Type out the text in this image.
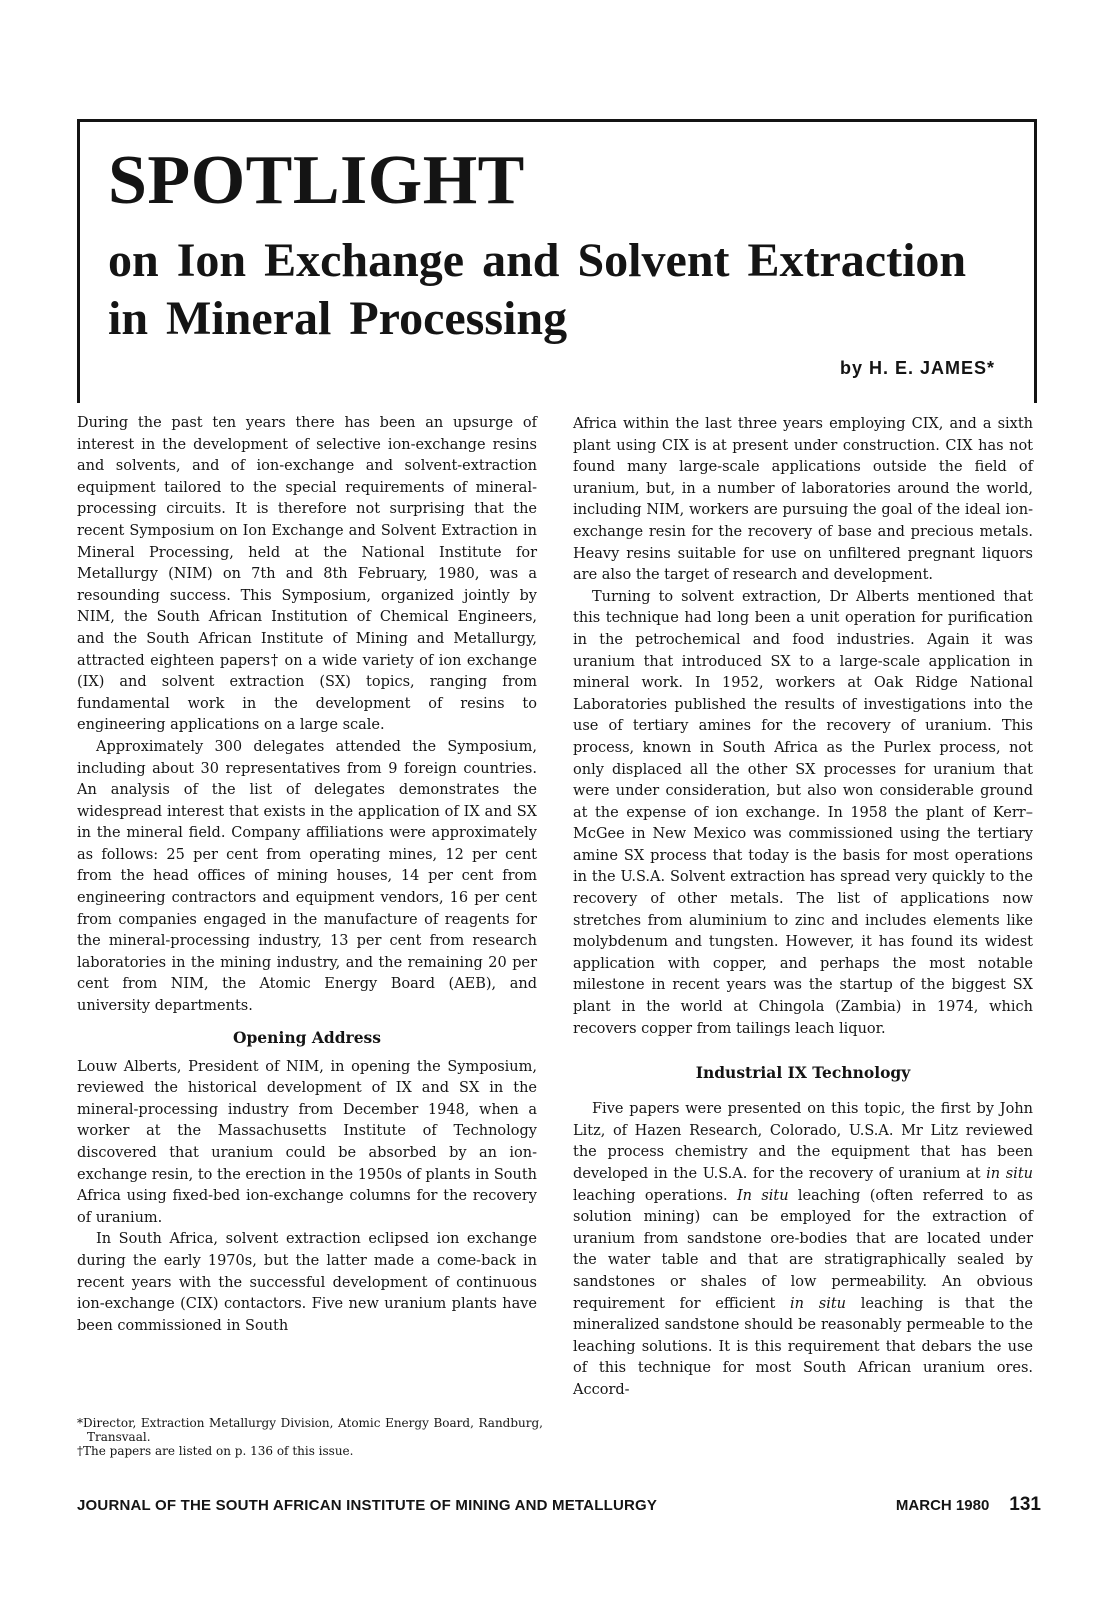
SPOTLIGHT
on Ion Exchange and Solvent Extraction in Mineral Processing
by H. E. JAMES*

During the past ten years there has been an upsurge of interest in the development of selective ion-exchange resins and solvents, and of ion-exchange and solvent-extraction equipment tailored to the special requirements of mineral-processing circuits. It is therefore not surprising that the recent Symposium on Ion Exchange and Solvent Extraction in Mineral Processing, held at the National Institute for Metallurgy (NIM) on 7th and 8th February, 1980, was a resounding success. This Symposium, organized jointly by NIM, the South African Institution of Chemical Engineers, and the South African Institute of Mining and Metallurgy, attracted eighteen papers† on a wide variety of ion exchange (IX) and solvent extraction (SX) topics, ranging from fundamental work in the development of resins to engineering applications on a large scale.

Approximately 300 delegates attended the Symposium, including about 30 representatives from 9 foreign countries. An analysis of the list of delegates demonstrates the widespread interest that exists in the application of IX and SX in the mineral field. Company affiliations were approximately as follows: 25 per cent from operating mines, 12 per cent from the head offices of mining houses, 14 per cent from engineering contractors and equipment vendors, 16 per cent from companies engaged in the manufacture of reagents for the mineral-processing industry, 13 per cent from research laboratories in the mining industry, and the remaining 20 per cent from NIM, the Atomic Energy Board (AEB), and university departments.

Opening Address

Louw Alberts, President of NIM, in opening the Symposium, reviewed the historical development of IX and SX in the mineral-processing industry from December 1948, when a worker at the Massachusetts Institute of Technology discovered that uranium could be absorbed by an ion-exchange resin, to the erection in the 1950s of plants in South Africa using fixed-bed ion-exchange columns for the recovery of uranium.

In South Africa, solvent extraction eclipsed ion exchange during the early 1970s, but the latter made a come-back in recent years with the successful development of continuous ion-exchange (CIX) contactors. Five new uranium plants have been commissioned in South

*Director, Extraction Metallurgy Division, Atomic Energy Board, Randburg, Transvaal.

†The papers are listed on p. 136 of this issue.

Africa within the last three years employing CIX, and a sixth plant using CIX is at present under construction. CIX has not found many large-scale applications outside the field of uranium, but, in a number of laboratories around the world, including NIM, workers are pursuing the goal of the ideal ion-exchange resin for the recovery of base and precious metals. Heavy resins suitable for use on unfiltered pregnant liquors are also the target of research and development.

Turning to solvent extraction, Dr Alberts mentioned that this technique had long been a unit operation for purification in the petrochemical and food industries. Again it was uranium that introduced SX to a large-scale application in mineral work. In 1952, workers at Oak Ridge National Laboratories published the results of investigations into the use of tertiary amines for the recovery of uranium. This process, known in South Africa as the Purlex process, not only displaced all the other SX processes for uranium that were under consideration, but also won considerable ground at the expense of ion exchange. In 1958 the plant of Kerr–McGee in New Mexico was commissioned using the tertiary amine SX process that today is the basis for most operations in the U.S.A. Solvent extraction has spread very quickly to the recovery of other metals. The list of applications now stretches from aluminium to zinc and includes elements like molybdenum and tungsten. However, it has found its widest application with copper, and perhaps the most notable milestone in recent years was the startup of the biggest SX plant in the world at Chingola (Zambia) in 1974, which recovers copper from tailings leach liquor.

Industrial IX Technology

Five papers were presented on this topic, the first by John Litz, of Hazen Research, Colorado, U.S.A. Mr Litz reviewed the process chemistry and the equipment that has been developed in the U.S.A. for the recovery of uranium at in situ leaching operations. In situ leaching (often referred to as solution mining) can be employed for the extraction of uranium from sandstone ore-bodies that are located under the water table and that are stratigraphically sealed by sandstones or shales of low permeability. An obvious requirement for efficient in situ leaching is that the mineralized sandstone should be reasonably permeable to the leaching solutions. It is this requirement that debars the use of this technique for most South African uranium ores. Accord-

JOURNAL OF THE SOUTH AFRICAN INSTITUTE OF MINING AND METALLURGY	MARCH 1980 131
